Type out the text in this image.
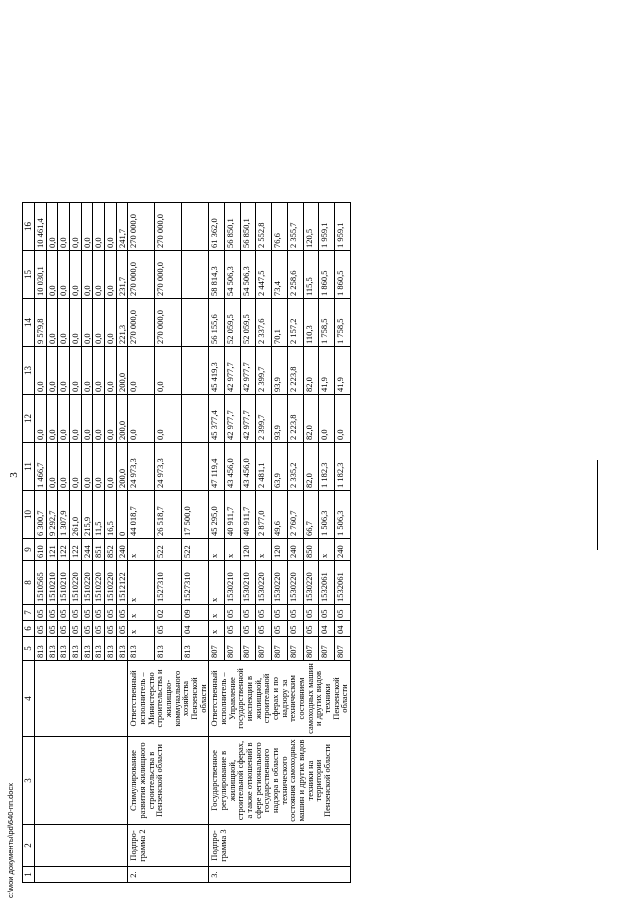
3
1	2	3	4	5	6	7	8	9	10	11	12	13	14	15	16
				813	05	05	1510565	610	6 300,7	1 466,7	0,0	0,0	9 579,8	10 030,1	10 461,4
				813	05	05	1510210	121	9 292,7	0,0	0,0	0,0	0,0	0,0	0,0
				813	05	05	1510210	122	1 307,9	0,0	0,0	0,0	0,0	0,0	0,0
				813	05	05	1510220	122	261,0	0,0	0,0	0,0	0,0	0,0	0,0
				813	05	05	1510220	244	215,9	0,0	0,0	0,0	0,0	0,0	0,0
				813	05	05	1510220	851	11,5	0,0	0,0	0,0	0,0	0,0	0,0
				813	05	05	1510220	852	16,5	0,0	0,0	0,0	0,0	0,0	0,0
				813	05	05	1512122	240	0	200,0	200,0	200,0	221,3	231,7	241,7
2.	Подпро-грамма 2	Стимулирование развития жилищного строительства в Пензенской области	Ответственный исполнитель – Министерство строительства и жилищно-коммунального хозяйства Пензенской области	813	x	x	x	x	44 018,7	24 973,3	0,0	0,0	270 000,0	270 000,0	270 000,0
				813	05	02	1527310	522	26 518,7	24 973,3	0,0	0,0	270 000,0	270 000,0	270 000,0
				813	04	09	1527310	522	17 500,0						
3.	Подпро-грамма 3	Государственное регулирование в жилищной, строительной сферах, а также отношений в сфере регионального государственного надзора в области технического состояния самоходных машин и других видов техники на территории Пензенской области	Ответственный исполнитель – Управление государственной инспекции в жилищной, строительной сферах и по надзору за техническим состоянием самоходных машин и других видов техники Пензенской области	807	x	x	x	x	45 295,0	47 119,4	45 377,4	45 419,3	56 155,6	58 814,3	61 362,0
				807	05	05	1530210	x	40 911,7	43 456,0	42 977,7	42 977,7	52 059,5	54 506,3	56 850,1
				807	05	05	1530210	120	40 911,7	43 456,0	42 977,7	42 977,7	52 059,5	54 506,3	56 850,1
				807	05	05	1530220	x	2 877,0	2 481,1	2 399,7	2 399,7	2 337,6	2 447,5	2 552,8
				807	05	05	1530220	120	49,6	63,9	93,9	93,9	70,1	73,4	76,6
				807	05	05	1530220	240	2 760,7	2 335,2	2 223,8	2 223,8	2 157,2	2 258,6	2 355,7
				807	05	05	1530220	850	66,7	82,0	82,0	82,0	110,3	115,5	120,5
				807	04	05	1532061	x	1 506,3	1 182,3	0,0	41,9	1 758,5	1 860,5	1 959,1
				807	04	05	1532061	240	1 506,3	1 182,3	0,0	41,9	1 758,5	1 860,5	1 959,1
c:\мои документы\pd\640-пп.docx
